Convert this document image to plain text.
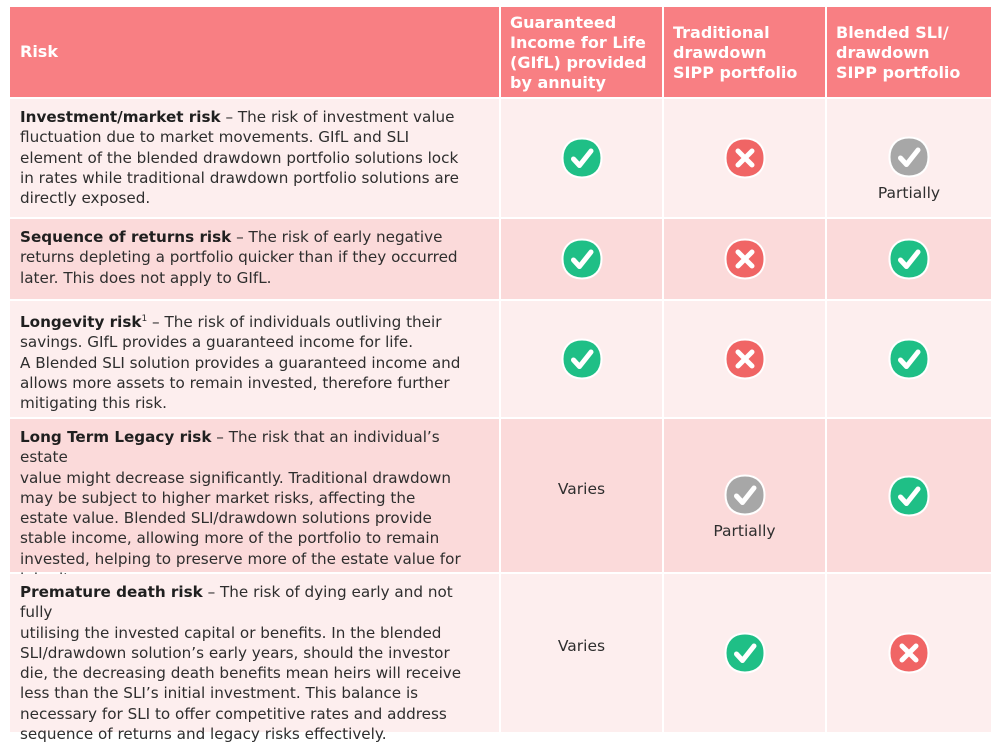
Risk
Guaranteed
Income for Life
(GIfL) provided
by annuity
Traditional
drawdown
SIPP portfolio
Blended SLI/
drawdown
SIPP portfolio
Investment/market risk – The risk of investment value
fluctuation due to market movements. GIfL and SLI
element of the blended drawdown portfolio solutions lock
in rates while traditional drawdown portfolio solutions are
directly exposed.	Partially
Sequence of returns risk – The risk of early negative
returns depleting a portfolio quicker than if they occurred
later. This does not apply to GIfL.
Longevity risk$^1$ – The risk of individuals outliving their
savings. GIfL provides a guaranteed income for life.
A Blended SLI solution provides a guaranteed income and
allows more assets to remain invested, therefore further
mitigating this risk.
Long Term Legacy risk – The risk that an individual’s estate
value might decrease significantly. Traditional drawdown
may be subject to higher market risks, affecting the
estate value. Blended SLI/drawdown solutions provide
stable income, allowing more of the portfolio to remain
invested, helping to preserve more of the estate value for

Varies
Partially
Premature death risk – The risk of dying early and not fully
utilising the invested capital or benefits. In the blended
SLI/drawdown solution’s early years, should the investor
die, the decreasing death benefits mean heirs will receive
less than the SLI’s initial investment. This balance is
necessary for SLI to offer competitive rates and address
sequence of returns and legacy risks effectively.
Varies
